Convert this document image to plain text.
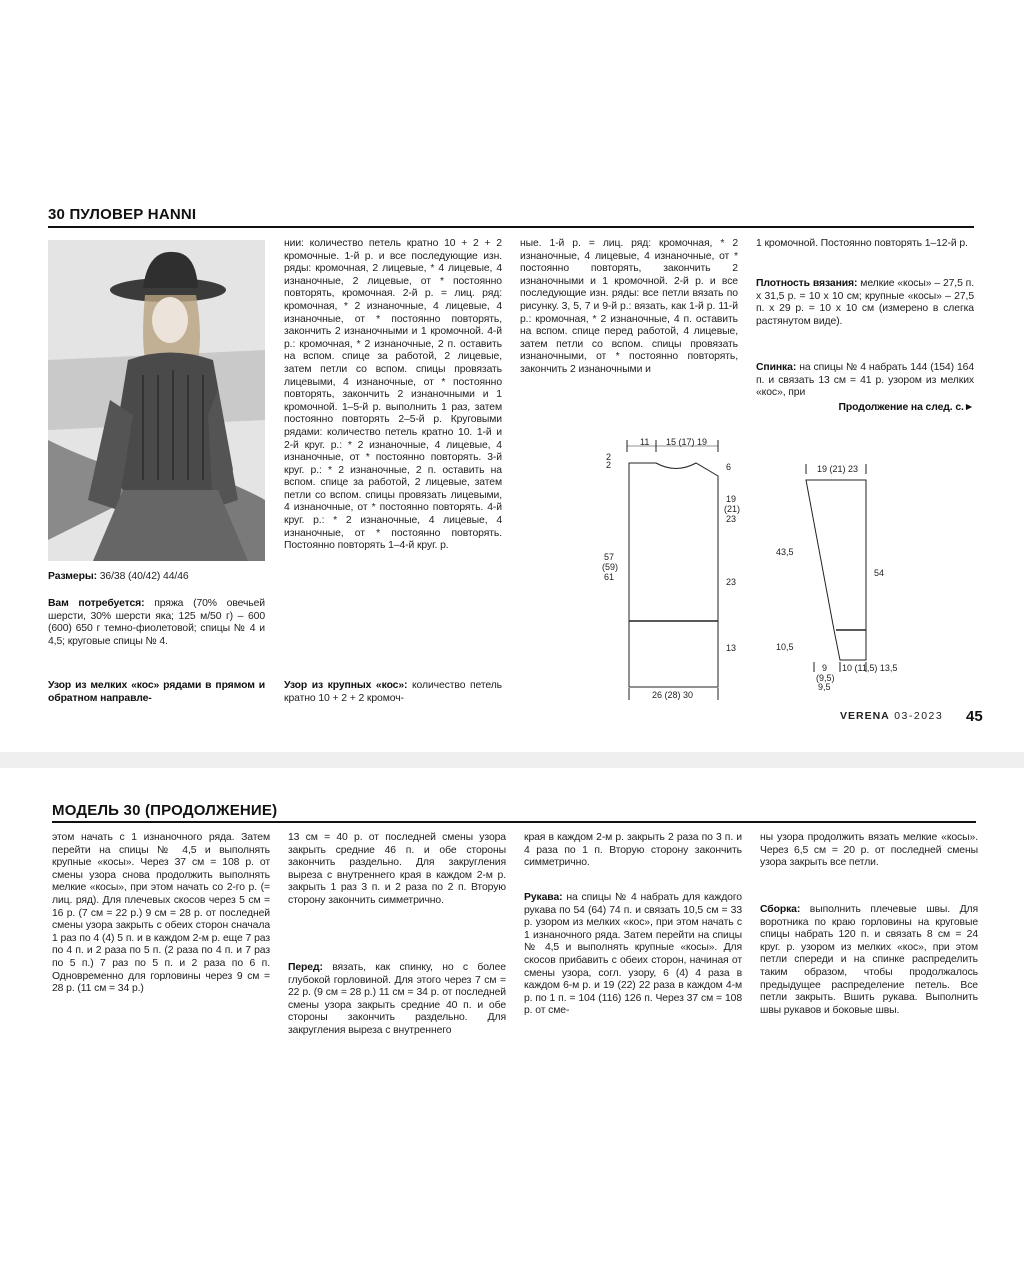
30 ПУЛОВЕР HANNI
Размеры: 36/38 (40/42) 44/46
Вам потребуется: пряжа (70% овечьей шерсти, 30% шерсти яка; 125 м/50 г) – 600 (600) 650 г темно-фиолетовой; спицы № 4 и 4,5; круговые спицы № 4.
Узор из мелких «кос» рядами в прямом и обратном направле-
нии: количество петель кратно 10 + 2 + 2 кромочные. 1-й р. и все последующие изн. ряды: кромочная, 2 лицевые, * 4 лицевые, 4 изнаночные, 2 лицевые, от * постоянно повторять, кромочная. 2-й р. = лиц. ряд: кромочная, * 2 изнаночные, 4 лицевые, 4 изнаночные, от * постоянно повторять, закончить 2 изнаночными и 1 кромочной. 4-й р.: кромочная, * 2 изнаночные, 2 п. оставить на вспом. спице за работой, 2 лицевые, затем петли со вспом. спицы провязать лицевыми, 4 изнаночные, от * постоянно повторять, закончить 2 изнаночными и 1 кромочной. 1–5-й р. выполнить 1 раз, затем постоянно повторять 2–5-й р. Круговыми рядами: количество петель кратно 10. 1-й и 2-й круг. р.: * 2 изнаночные, 4 лицевые, 4 изнаночные, от * постоянно повторять. 3-й круг. р.: * 2 изнаночные, 2 п. оставить на вспом. спице за работой, 2 лицевые, затем петли со вспом. спицы провязать лицевыми, 4 изнаночные, от * постоянно повторять. 4-й круг. р.: * 2 изнаночные, 4 лицевые, 4 изнаночные, от * постоянно повторять. Постоянно повторять 1–4-й круг. р.
Узор из крупных «кос»: количество петель кратно 10 + 2 + 2 кромоч-
ные. 1-й р. = лиц. ряд: кромочная, * 2 изнаночные, 4 лицевые, 4 изнаночные, от * постоянно повторять, закончить 2 изнаночными и 1 кромочной. 2-й р. и все последующие изн. ряды: все петли вязать по рисунку. 3, 5, 7 и 9-й р.: вязать, как 1-й р. 11-й р.: кромочная, * 2 изнаночные, 4 п. оставить на вспом. спице перед работой, 4 лицевые, затем петли со вспом. спицы провязать изнаночными, от * постоянно повторять, закончить 2 изнаночными и
1 кромочной. Постоянно повторять 1–12-й р.
Плотность вязания: мелкие «косы» – 27,5 п. x 31,5 р. = 10 x 10 см; крупные «косы» – 27,5 п. x 29 р. = 10 x 10 см (измерено в слегка растянутом виде).
Спинка: на спицы № 4 набрать 144 (154) 164 п. и связать 13 см = 41 р. узором из мелких «кос», при
Продолжение на след. с.►
11 15 (17) 19
2
2	6
19
(21)
23
57
(59)
61	23
13
26 (28) 30
19 (21) 23
43,5
54
10,5
9 10 (11,5) 13,5
(9,5)
9,5
VERENA 03-2023 45
МОДЕЛЬ 30 (ПРОДОЛЖЕНИЕ)
этом начать с 1 изнаночного ряда. Затем перейти на спицы № 4,5 и выполнять крупные «косы». Через 37 см = 108 р. от смены узора снова продолжить выполнять мелкие «косы», при этом начать со 2-го р. (= лиц. ряд). Для плечевых скосов через 5 см = 16 р. (7 см = 22 р.) 9 см = 28 р. от последней смены узора закрыть с обеих сторон сначала 1 раз по 4 (4) 5 п. и в каждом 2-м р. еще 7 раз по 4 п. и 2 раза по 5 п. (2 раза по 4 п. и 7 раз по 5 п.) 7 раз по 5 п. и 2 раза по 6 п. Одновременно для горловины через 9 см = 28 р. (11 см = 34 р.)
13 см = 40 р. от последней смены узора закрыть средние 46 п. и обе стороны закончить раздельно. Для закругления выреза с внутреннего края в каждом 2-м р. закрыть 1 раз 3 п. и 2 раза по 2 п. Вторую сторону закончить симметрично.
Перед: вязать, как спинку, но с более глубокой горловиной. Для этого через 7 см = 22 р. (9 см = 28 р.) 11 см = 34 р. от последней смены узора закрыть средние 40 п. и обе стороны закончить раздельно. Для закругления выреза с внутреннего
края в каждом 2-м р. закрыть 2 раза по 3 п. и 4 раза по 1 п. Вторую сторону закончить симметрично.
Рукава: на спицы № 4 набрать для каждого рукава по 54 (64) 74 п. и связать 10,5 см = 33 р. узором из мелких «кос», при этом начать с 1 изнаночного ряда. Затем перейти на спицы № 4,5 и выполнять крупные «косы». Для скосов прибавить с обеих сторон, начиная от смены узора, согл. узору, 6 (4) 4 раза в каждом 6-м р. и 19 (22) 22 раза в каждом 4-м р. по 1 п. = 104 (116) 126 п. Через 37 см = 108 р. от сме-
ны узора продолжить вязать мелкие «косы». Через 6,5 см = 20 р. от последней смены узора закрыть все петли.
Сборка: выполнить плечевые швы. Для воротника по краю горловины на круговые спицы набрать 120 п. и связать 8 см = 24 круг. р. узором из мелких «кос», при этом петли спереди и на спинке распределить таким образом, чтобы продолжалось предыдущее распределение петель. Все петли закрыть. Вшить рукава. Выполнить швы рукавов и боковые швы.
